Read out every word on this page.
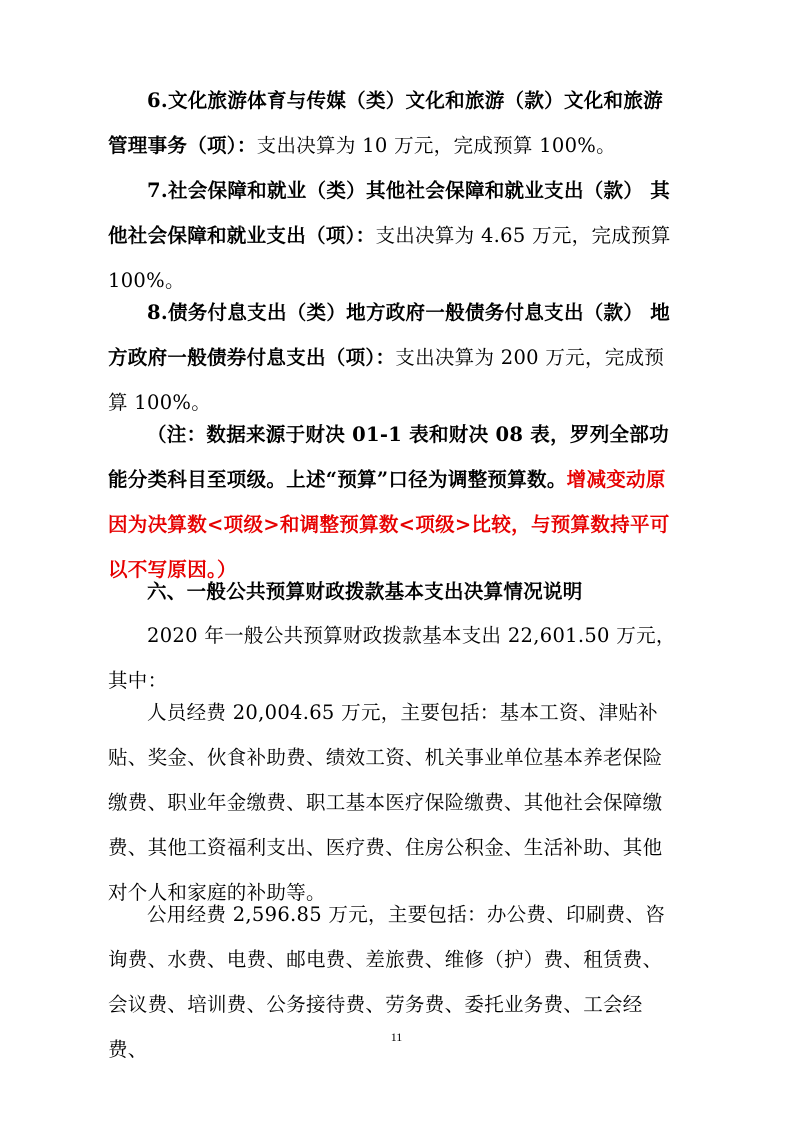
6.文化旅游体育与传媒（类）文化和旅游（款）文化和旅游管理事务（项）：支出决算为 10 万元，完成预算 100%。

7.社会保障和就业（类）其他社会保障和就业支出（款） 其他社会保障和就业支出（项）：支出决算为 4.65 万元，完成预算 100%。

8.债务付息支出（类）地方政府一般债务付息支出（款） 地方政府一般债券付息支出（项）：支出决算为 200 万元，完成预算 100%。

（注：数据来源于财决 01-1 表和财决 08 表，罗列全部功能分类科目至项级。上述“预算”口径为调整预算数。增减变动原因为决算数<项级>和调整预算数<项级>比较，与预算数持平可以不写原因。）

六、一般公共预算财政拨款基本支出决算情况说明

2020 年一般公共预算财政拨款基本支出 22,601.50 万元，其中：

人员经费 20,004.65 万元，主要包括：基本工资、津贴补贴、奖金、伙食补助费、绩效工资、机关事业单位基本养老保险缴费、职业年金缴费、职工基本医疗保险缴费、其他社会保障缴费、其他工资福利支出、医疗费、住房公积金、生活补助、其他对个人和家庭的补助等。

公用经费 2,596.85 万元，主要包括：办公费、印刷费、咨询费、水费、电费、邮电费、差旅费、维修（护）费、租赁费、会议费、培训费、公务接待费、劳务费、委托业务费、工会经费、

11
